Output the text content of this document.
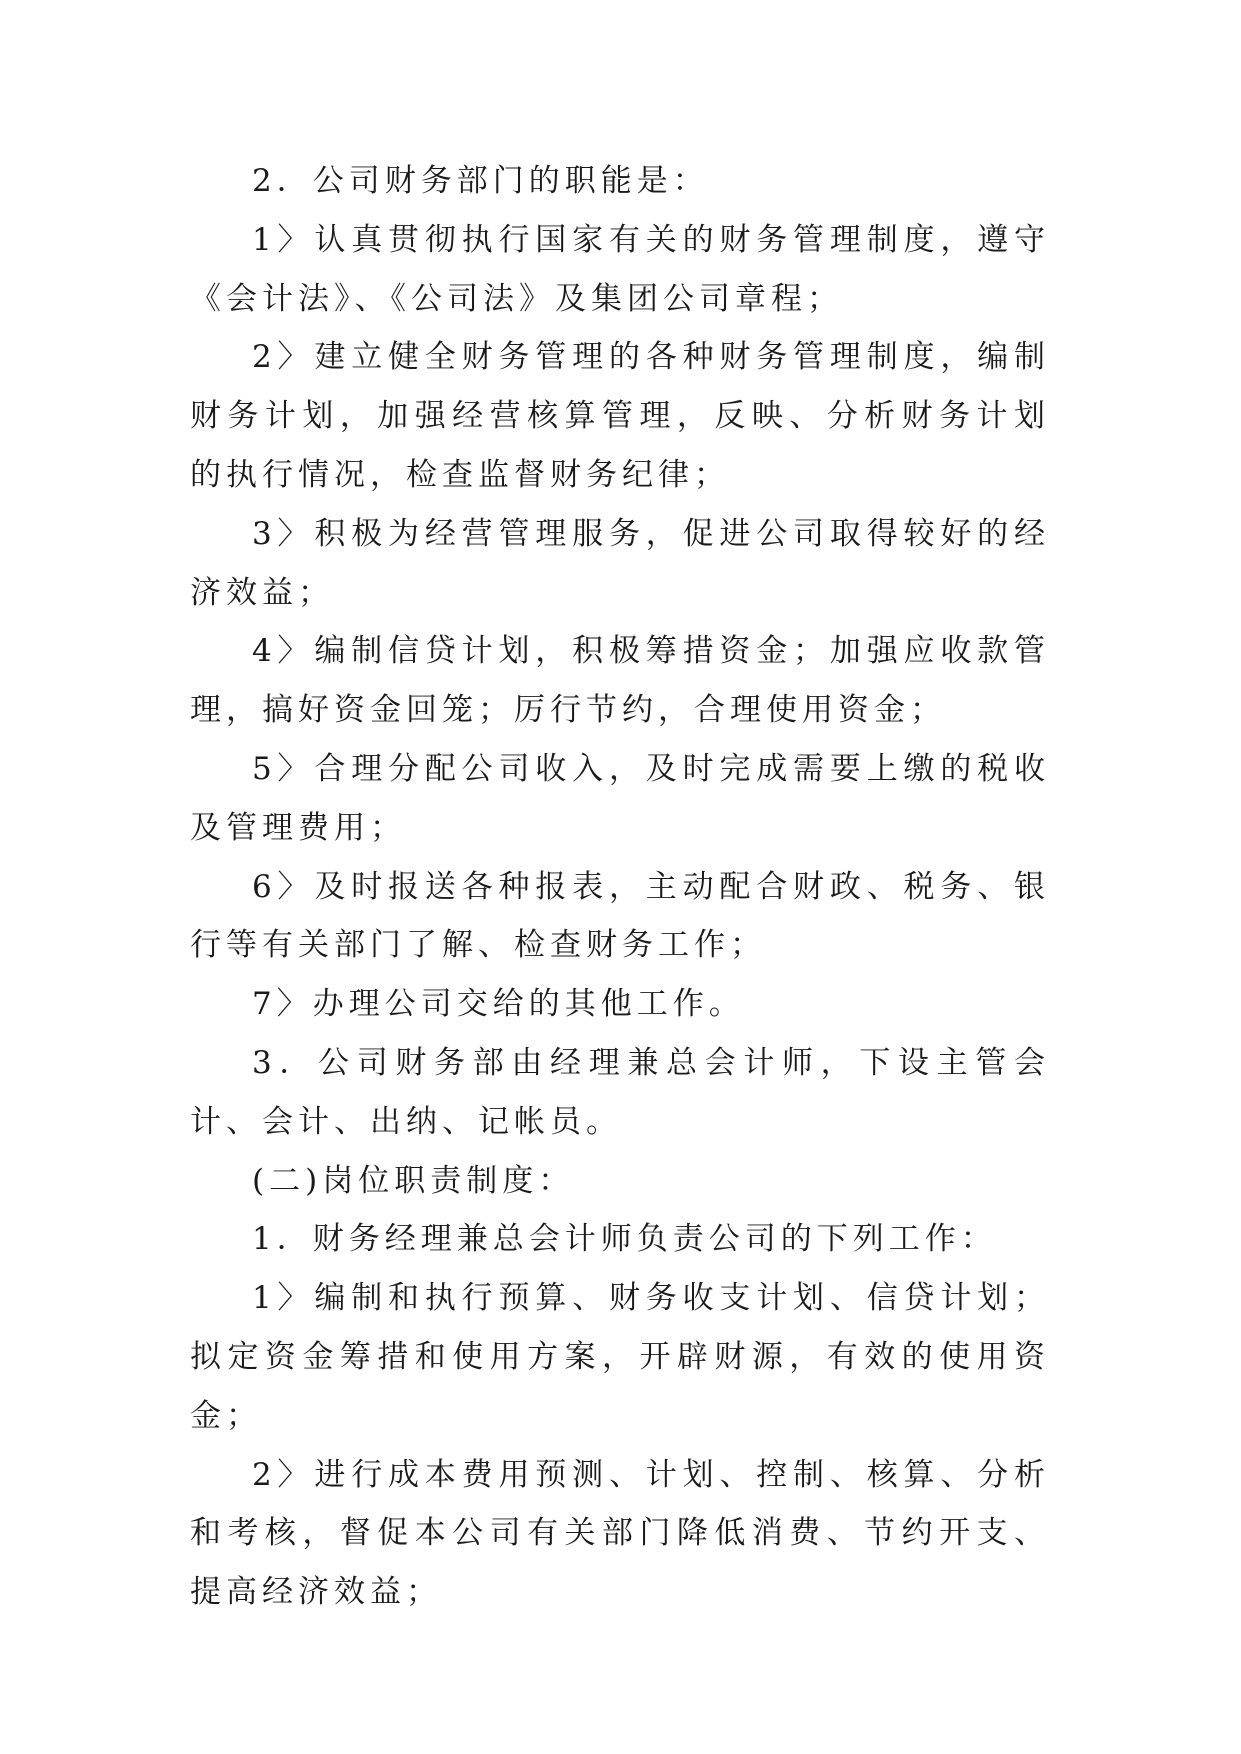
2．公司财务部门的职能是：

1〉认真贯彻执行国家有关的财务管理制度，遵守《会计法》、《公司法》及集团公司章程；

2〉建立健全财务管理的各种财务管理制度，编制财务计划，加强经营核算管理，反映、分析财务计划的执行情况，检查监督财务纪律；

3〉积极为经营管理服务，促进公司取得较好的经济效益；

4〉编制信贷计划，积极筹措资金；加强应收款管理，搞好资金回笼；厉行节约，合理使用资金；

5〉合理分配公司收入，及时完成需要上缴的税收及管理费用；

6〉及时报送各种报表，主动配合财政、税务、银行等有关部门了解、检查财务工作；

7〉办理公司交给的其他工作。

3．公司财务部由经理兼总会计师，下设主管会计、会计、出纳、记帐员。

(二)岗位职责制度：

1．财务经理兼总会计师负责公司的下列工作：

1〉编制和执行预算、财务收支计划、信贷计划；拟定资金筹措和使用方案，开辟财源，有效的使用资金；

2〉进行成本费用预测、计划、控制、核算、分析和考核，督促本公司有关部门降低消费、节约开支、提高经济效益；
